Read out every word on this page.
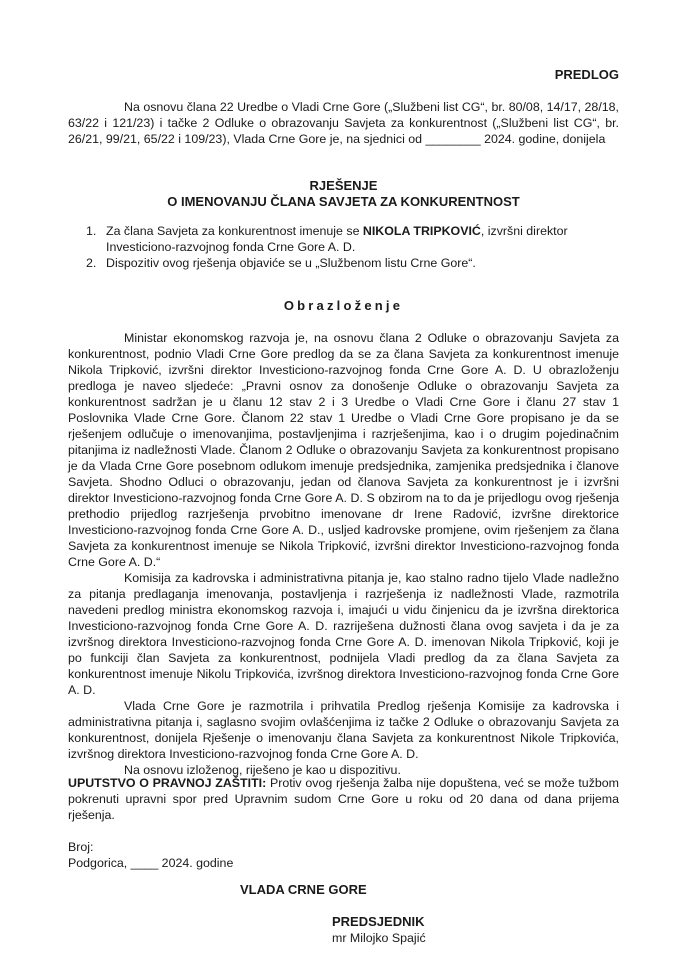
PREDLOG

Na osnovu člana 22 Uredbe o Vladi Crne Gore („Službeni list CG“, br. 80/08, 14/17, 28/18, 63/22 i 121/23) i tačke 2 Odluke o obrazovanju Savjeta za konkurentnost („Službeni list CG“, br. 26/21, 99/21, 65/22 i 109/23), Vlada Crne Gore je, na sjednici od ________ 2024. godine, donijela

RJEŠENJE
O IMENOVANJU ČLANA SAVJETA ZA KONKURENTNOST
1. Za člana Savjeta za konkurentnost imenuje se NIKOLA TRIPKOVIĆ, izvršni direktor Investiciono-razvojnog fonda Crne Gore A. D.
2. Dispozitiv ovog rješenja objaviće se u „Službenom listu Crne Gore“.
Obrazloženje

Ministar ekonomskog razvoja je, na osnovu člana 2 Odluke o obrazovanju Savjeta za konkurentnost, podnio Vladi Crne Gore predlog da se za člana Savjeta za konkurentnost imenuje Nikola Tripković, izvršni direktor Investiciono-razvojnog fonda Crne Gore A. D. U obrazloženju predloga je naveo sljedeće: „Pravni osnov za donošenje Odluke o obrazovanju Savjeta za konkurentnost sadržan je u članu 12 stav 2 i 3 Uredbe o Vladi Crne Gore i članu 27 stav 1 Poslovnika Vlade Crne Gore. Članom 22 stav 1 Uredbe o Vladi Crne Gore propisano je da se rješenjem odlučuje o imenovanjima, postavljenjima i razrješenjima, kao i o drugim pojedinačnim pitanjima iz nadležnosti Vlade. Članom 2 Odluke o obrazovanju Savjeta za konkurentnost propisano je da Vlada Crne Gore posebnom odlukom imenuje predsjednika, zamjenika predsjednika i članove Savjeta. Shodno Odluci o obrazovanju, jedan od članova Savjeta za konkurentnost je i izvršni direktor Investiciono-razvojnog fonda Crne Gore A. D. S obzirom na to da je prijedlogu ovog rješenja prethodio prijedlog razrješenja prvobitno imenovane dr Irene Radović, izvršne direktorice Investiciono-razvojnog fonda Crne Gore A. D., usljed kadrovske promjene, ovim rješenjem za člana Savjeta za konkurentnost imenuje se Nikola Tripković, izvršni direktor Investiciono-razvojnog fonda Crne Gore A. D.“

Komisija za kadrovska i administrativna pitanja je, kao stalno radno tijelo Vlade nadležno za pitanja predlaganja imenovanja, postavljenja i razrješenja iz nadležnosti Vlade, razmotrila navedeni predlog ministra ekonomskog razvoja i, imajući u vidu činjenicu da je izvršna direktorica Investiciono-razvojnog fonda Crne Gore A. D. razriješena dužnosti člana ovog savjeta i da je za izvršnog direktora Investiciono-razvojnog fonda Crne Gore A. D. imenovan Nikola Tripković, koji je po funkciji član Savjeta za konkurentnost, podnijela Vladi predlog da za člana Savjeta za konkurentnost imenuje Nikolu Tripkovića, izvršnog direktora Investiciono-razvojnog fonda Crne Gore A. D.

Vlada Crne Gore je razmotrila i prihvatila Predlog rješenja Komisije za kadrovska i administrativna pitanja i, saglasno svojim ovlašćenjima iz tačke 2 Odluke o obrazovanju Savjeta za konkurentnost, donijela Rješenje o imenovanju člana Savjeta za konkurentnost Nikole Tripkovića, izvršnog direktora Investiciono-razvojnog fonda Crne Gore A. D.

Na osnovu izloženog, riješeno je kao u dispozitivu.

UPUTSTVO O PRAVNOJ ZAŠTITI: Protiv ovog rješenja žalba nije dopuštena, već se može tužbom pokrenuti upravni spor pred Upravnim sudom Crne Gore u roku od 20 dana od dana prijema rješenja.

Broj:
Podgorica, ____ 2024. godine
VLADA CRNE GORE
PREDSJEDNIK
mr Milojko Spajić
